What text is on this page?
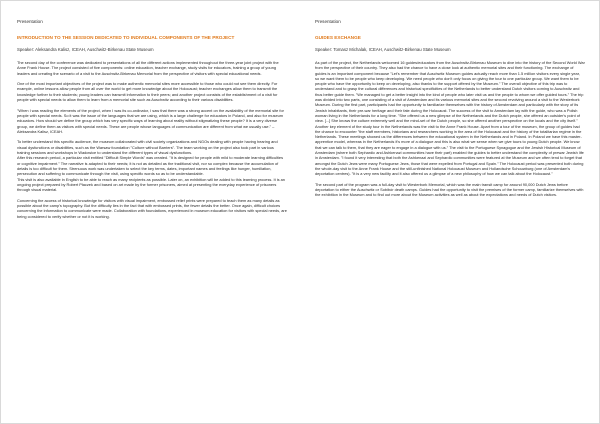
Presentation
INTRODUCTION TO THE SESSION DEDICATED TO INDIVIDUAL COMPONENTS OF THE PROJECT
Speaker: Aleksandra Kalisz, ICEAH, Auschwitz-Birkenau State Museum

The second day of the conference was dedicated to presentations of all the different actions implemented throughout the three-year joint project with the Anne Frank House. The project consisted of five components: online education, teacher exchange, study visits for educators, training a group of young leaders and creating the scenario of a visit to the Auschwitz-Birkenau Memorial from the perspective of visitors with special educational needs.

One of the most important objectives of the project was to make authentic memorial sites more accessible to those who could not see them directly. For example, online lessons allow people from all over the world to get more knowledge about the Holocaust; teacher exchanges allow them to transmit the knowledge further to their students; young leaders can transmit information to their peers; and another project consists of the establishment of a visit for people with special needs to allow them to learn from a memorial site such as Auschwitz according to their various disabilities.

"When I was reading the elements of the project, when I was its co-ordinator, I saw that there was a strong accent on the availability of the memorial site for people with special needs. So it was the issue of the languages that we are using, which is a large challenge for educators in Poland, and also for museum educators. How should we define the group which has very specific ways of learning about reality without stigmatizing these people? It is a very diverse group, we define them as visitors with special needs. These are people whose languages of communication are different from what we usually use." – Aleksandra Kalisz, ICEAH.

To better understand this specific audience, the museum collaborated with civil society organizations and NGOs dealing with people having hearing and visual dysfunctions or disabilities, such as the Warsaw foundation "Culture without Barriers". The team working on the project also took part in various training sessions and workshops in Wadowice to understand the different types of visual dysfunctions.

After this research period, a particular visit entitled "Difficult Simple Words" was created. "It is designed for people with mild to moderate learning difficulties or cognitive impairment." The narrative is adapted to their needs; it is not as detailed as the traditional visit, nor so complex because the accumulation of details is too difficult for them. Strenuous work was undertaken to select the key terms, dates, important names and feelings like hunger, humiliation, persecution and suffering to communicate through the visit, using specific words so as to be understandable.

This visit is also available in English to be able to reach as many recipients as possible. Later on, an exhibition will be added to this learning process. It is an ongoing project prepared by Robert Płaczek and based on art made by the former prisoners, aimed at presenting the everyday experience of prisoners through visual material.

Concerning the access of historical knowledge for visitors with visual impairment, embossed relief prints were prepared to teach them as many details as possible about the camp's topography. But the difficulty lies in the fact that with embossed prints, the fewer details the better. Once again, difficult choices concerning the information to communicate were made. Collaboration with foundations, experienced in museum education for visitors with special needs, are being considered to verify whether or not it is working.

Presentation
GUIDES EXCHANGE
Speaker: Tomasz Michalak, ICEAH, Auschwitz-Birkenau State Museum

As part of the project, the Netherlands welcomed 16 guides/educators from the Auschwitz-Birkenau Museum to dive into the history of the Second World War from the perspective of their country. They also had the chance to have a close look at authentic memorial sites and their functioning. The exchange of guides is an important component because "Let's remember that Auschwitz Museum guides actually reach more than 1.5 million visitors every single year, so we want them to be people who keep developing. We need people who don't only focus on giving the tour to one particular group. We want them to be people who have the opportunity to keep on developing, also thanks to the support offered by the Museum." The overall objective of this trip was to understand and to grasp the cultural differences and historical specificities of the Netherlands to better understand Dutch visitors coming to Auschwitz and thus better guide them. "We managed to get a better insight into the kind of people who later visit us and the people to whom we offer guided tours." The trip was divided into two parts, one consisting of a visit of Amsterdam and its various memorial sites and the second revolving around a visit to the Westerbork Museum. During the first part, participants had the opportunity to familiarize themselves with the history of Amsterdam and particularly with the story of its Jewish inhabitants, their pre-war heritage and their fate during the Holocaust. The success of the visit to Amsterdam lay with the guide, who was a Polish woman living in the Netherlands for a long time. "She offered us a new glimpse of the Netherlands and the Dutch people, she offered an outsider's point of view. [...] She knows the culture extremely well and the mind-set of the Dutch people, so she offered another perspective on the locals and the city itself." Another key element of the study tour in the Netherlands was the visit to the Anne Frank House. Apart from a tour of the museum, the group of guides had the chance to encounter "the staff members, historians and researchers working in the area of the Holocaust and the history of the totalitarian regime in the Netherlands. These meetings showed us the differences between the educational system in the Netherlands and in Poland. In Poland we have this master-apprentice model, whereas in the Netherlands it's more of a dialogue and this is also what we sense when we give tours to young Dutch people. We know that we can talk to them, that they are eager to engage in a dialogue with us." The visit to the Portuguese Synagogue and the Jewish Historical Museum of Amsterdam (where both Sephardic and Ashkenazi communities have their part) enabled the guides to better understand the complexity of prewar Jewish life in Amsterdam. "I found it very interesting that both the Ashkenazi and Sephardic communities were featured at the Museum and we often tend to forget that amongst the Dutch Jews were many Portuguese Jews, those that were expelled from Portugal and Spain." The Holocaust period was presented both during the whole-day visit to the Anne Frank House and the still-unfinished National Holocaust Museum and Hollandsche Schouwburg (one of Amsterdam's deportation centres). "It is a very new facility and it also offered us a glimpse of a new philosophy of how we can talk about the Holocaust."

The second part of the program was a full-day visit to Westerbork Memorial, which was the main transit camp for around 90,000 Dutch Jews before deportation to either the Auschwitz or Sobibór death camps. Guides had the opportunity to visit the premises of the former camp, familiarize themselves with the exhibition in the Museum and to find out more about the Museum activities as well as about the expectations and needs of Dutch visitors.
